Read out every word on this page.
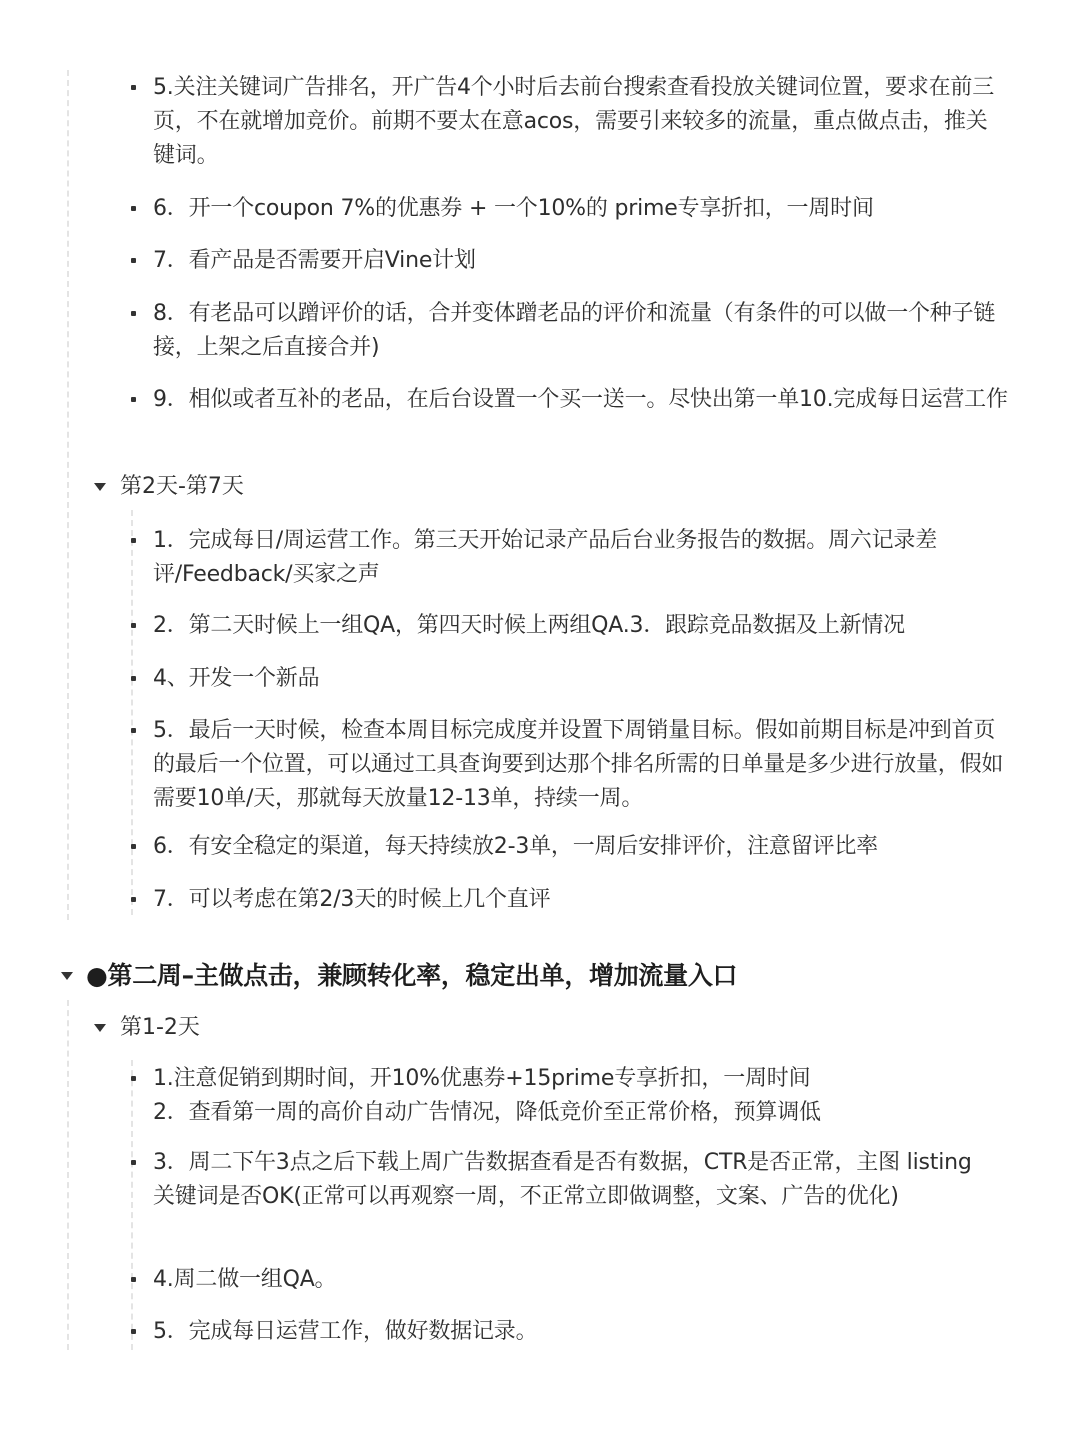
5.关注关键词广告排名，开广告4个小时后去前台搜索查看投放关键词位置，要求在前三页，不在就增加竞价。前期不要太在意acos，需要引来较多的流量，重点做点击，推关键词。
6．开一个coupon 7%的优惠券 + 一个10%的 prime专享折扣，一周时间
7．看产品是否需要开启Vine计划
8．有老品可以蹭评价的话，合并变体蹭老品的评价和流量（有条件的可以做一个种子链接，上架之后直接合并)
9．相似或者互补的老品，在后台设置一个买一送一。尽快出第一单10.完成每日运营工作
第2天-第7天
1．完成每日/周运营工作。第三天开始记录产品后台业务报告的数据。周六记录差评/Feedback/买家之声
2．第二天时候上一组QA，第四天时候上两组QA.3．跟踪竞品数据及上新情况
4、开发一个新品
5．最后一天时候，检查本周目标完成度并设置下周销量目标。假如前期目标是冲到首页的最后一个位置，可以通过工具查询要到达那个排名所需的日单量是多少进行放量，假如需要10单/天，那就每天放量12-13单，持续一周。
6．有安全稳定的渠道，每天持续放2-3单，一周后安排评价，注意留评比率
7．可以考虑在第2/3天的时候上几个直评
●第二周–主做点击，兼顾转化率，稳定出单，增加流量入口
第1-2天
1.注意促销到期时间，开10%优惠券+15prime专享折扣，一周时间
2．查看第一周的高价自动广告情况，降低竞价至正常价格，预算调低
3．周二下午3点之后下载上周广告数据查看是否有数据，CTR是否正常，主图 listing 关键词是否OK(正常可以再观察一周，不正常立即做调整，文案、广告的优化)
4.周二做一组QA。
5．完成每日运营工作，做好数据记录。
